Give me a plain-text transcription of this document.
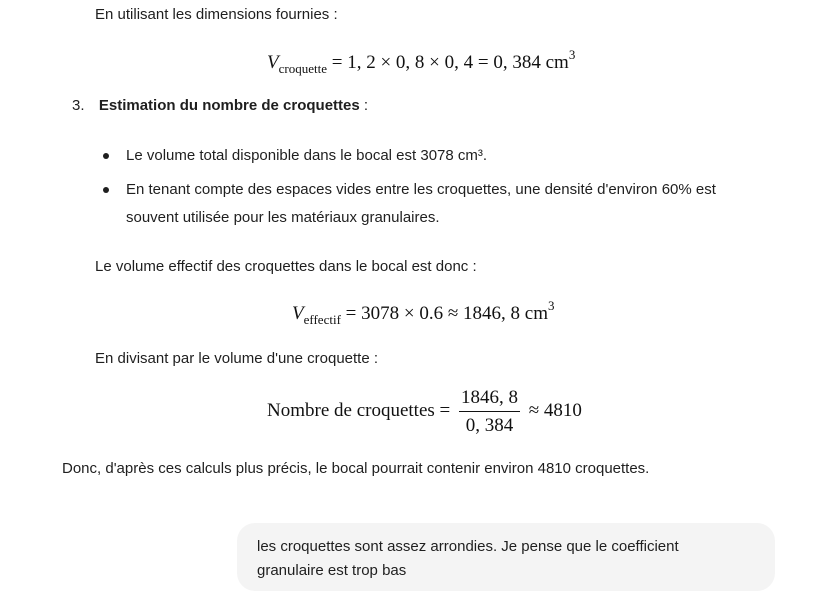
En utilisant les dimensions fournies :
$V_{croquette} = 1$, 2 × 0, 8 × 0, 4 = 0, 384 $cm^3$
3. Estimation du nombre de croquettes :
Le volume total disponible dans le bocal est 3078 cm³.
En tenant compte des espaces vides entre les croquettes, une densité d'environ 60% est
souvent utilisée pour les matériaux granulaires.
Le volume effectif des croquettes dans le bocal est donc :
$V_{effectif} = 3078 \times 0.6 \approx 1846$, 8 $cm^3$
En divisant par le volume d'une croquette :
Nombre de croquettes = $\frac{1846, 8}{0, 384} \approx 4810$
Donc, d'après ces calculs plus précis, le bocal pourrait contenir environ 4810 croquettes.
les croquettes sont assez arrondies. Je pense que le coefficient
granulaire est trop bas
